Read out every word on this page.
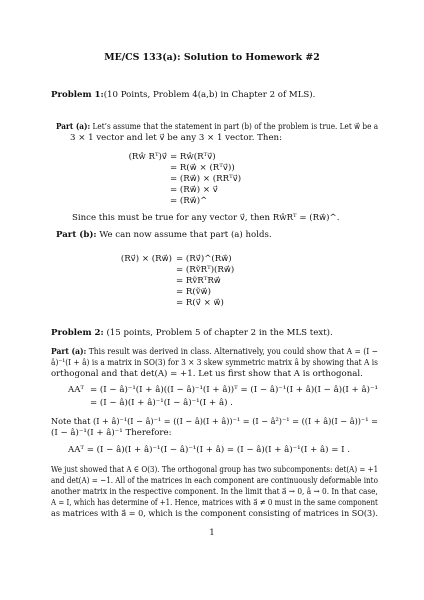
ME/CS 133(a): Solution to Homework #2
Problem 1:(10 Points, Problem 4(a,b) in Chapter 2 of MLS).
Part (a): Let’s assume that the statement in part (b) of the problem is true. Let w⃗ be a
3 × 1 vector and let v⃗ be any 3 × 1 vector. Then:
(Rŵ Rᵀ)v⃗ = Rŵ(Rᵀv⃗)
= R(w⃗ × (Rᵀv⃗))
= (Rw⃗) × (RRᵀv⃗)
= (Rw⃗) × v⃗
= (Rw⃗)^
Since this must be true for any vector v⃗, then RŵRᵀ = (Rw⃗)^.
Part (b): We can now assume that part (a) holds.
(Rv⃗) × (Rw⃗) = (Rv⃗)^(Rw⃗)
= (RṽRᵀ)(Rw⃗)
= RṽRᵀRw⃗
= R(ṽw⃗)
= R(v⃗ × w⃗)
Problem 2: (15 points, Problem 5 of chapter 2 in the MLS text).
Part (a): This result was derived in class. Alternatively, you could show that A = (I −
â)⁻¹(I + â) is a matrix in SO(3) for 3 × 3 skew symmetric matrix â by showing that A is
orthogonal and that det(A) = +1. Let us first show that A is orthogonal.
AAᵀ = (I − â)⁻¹(I + â)((I − â)⁻¹(I + â))ᵀ = (I − â)⁻¹(I + â)(I − â)(I + â)⁻¹
= (I − â)(I + â)⁻¹(I − â)⁻¹(I + â) .
Note that (I + â)⁻¹(I − â)⁻¹ = ((I − â)(I + â))⁻¹ = (I − â²)⁻¹ = ((I + â)(I − â))⁻¹ =
(I − â)⁻¹(I + â)⁻¹ Therefore:
AAᵀ = (I − â)(I + â)⁻¹(I − â)⁻¹(I + â) = (I − â)(I + â)⁻¹(I + â) = I .
We just showed that A ∈ O(3). The orthogonal group has two subcomponents: det(A) = +1
and det(A) = −1. All of the matrices in each component are continuously deformable into
another matrix in the respective component. In the limit that a⃗ → 0, â → 0. In that case,
A = I, which has determine of +1. Hence, matrices with a⃗ ≠ 0 must in the same component
as matrices with a⃗ = 0, which is the component consisting of matrices in SO(3).
1
